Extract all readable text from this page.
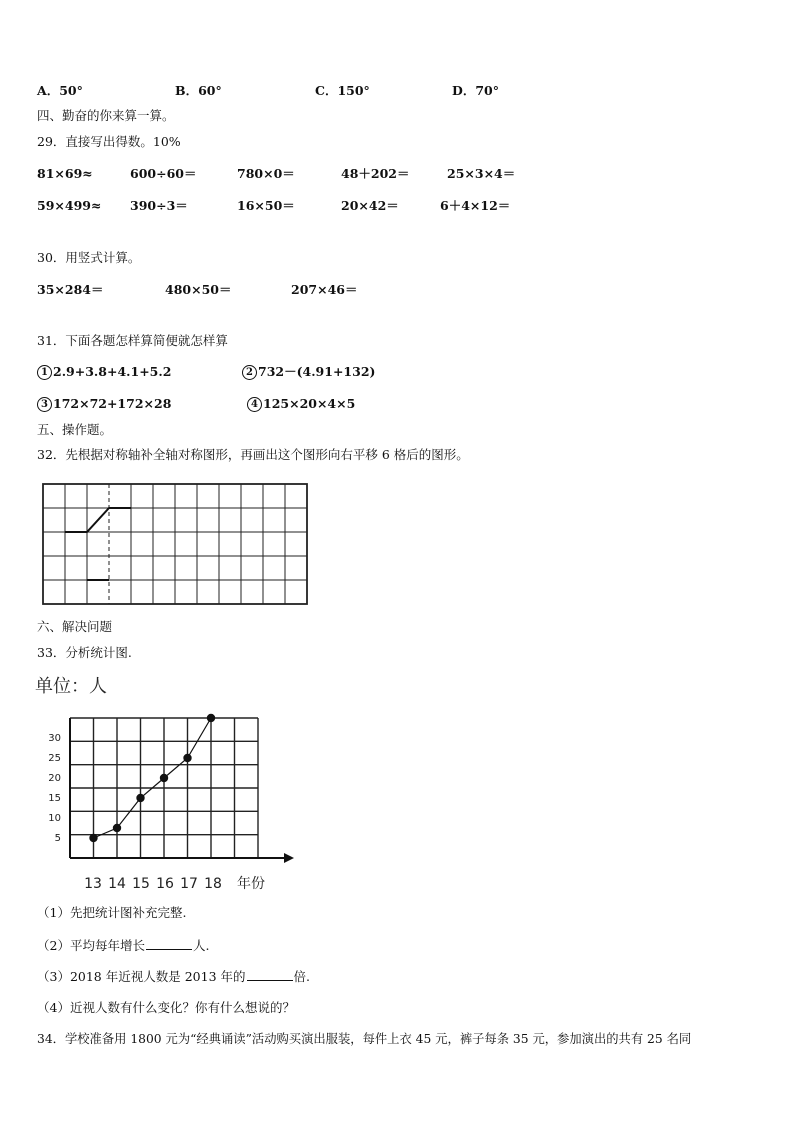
A．50°	B．60°	C．150°	D．70°
四、勤奋的你来算一算。
29．直接写出得数。10%
81×69≈	600÷60＝	780×0＝	48＋202＝	25×3×4＝
59×499≈ 390÷3＝	16×50＝	20×42＝	6＋4×12＝
30．用竖式计算。
35×284＝	480×50＝	207×46＝
31．下面各题怎样算简便就怎样算
1 2.9+3.8+4.1+5.2	2 732－(4.91+132)
3 172×72+172×28	4 125×20×4×5
五、操作题。
32．先根据对称轴补全轴对称图形，再画出这个图形向右平移 6 格后的图形。
六、解决问题
33．分析统计图.
单位：人
5
10
15
20
25
30
13 14 15 16 17 18 年份
（1）先把统计图补充完整.
（2）平均每年增长	人.
（3）2018 年近视人数是 2013 年的	倍.
（4）近视人数有什么变化？你有什么想说的？
34．学校准备用 1800 元为“经典诵读”活动购买演出服装，每件上衣 45 元，裤子每条 35 元，参加演出的共有 25 名同
